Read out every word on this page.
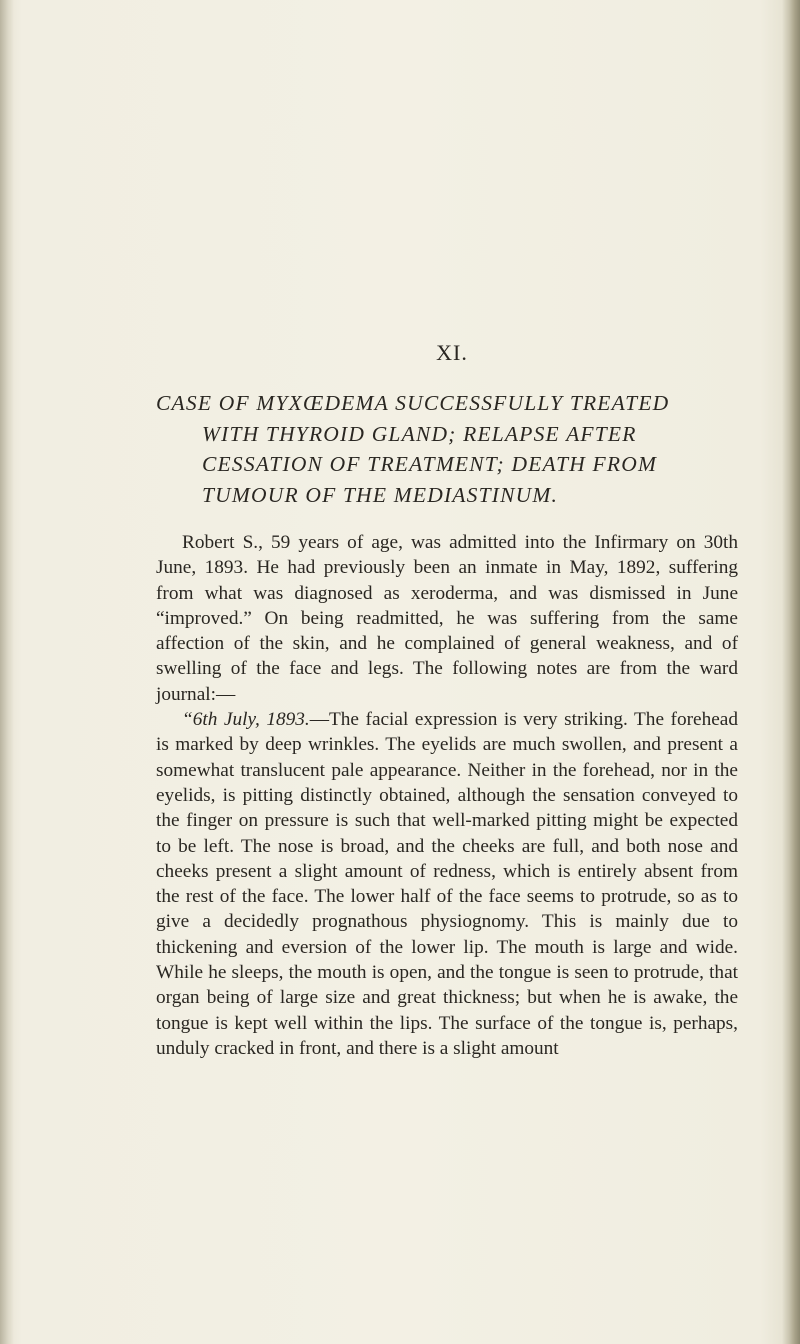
XI.
CASE OF MYXŒDEMA SUCCESSFULLY TREATED
WITH THYROID GLAND; RELAPSE AFTER
CESSATION OF TREATMENT; DEATH FROM
TUMOUR OF THE MEDIASTINUM.
Robert S., 59 years of age, was admitted into the Infirmary on 30th June, 1893. He had previously been an inmate in May, 1892, suffering from what was diagnosed as xeroderma, and was dismissed in June “improved.” On being readmitted, he was suffering from the same affection of the skin, and he complained of general weakness, and of swelling of the face and legs. The following notes are from the ward journal:—
“6th July, 1893.—The facial expression is very striking. The forehead is marked by deep wrinkles. The eyelids are much swollen, and present a somewhat translucent pale appearance. Neither in the forehead, nor in the eyelids, is pitting distinctly obtained, although the sensation conveyed to the finger on pressure is such that well-marked pitting might be expected to be left. The nose is broad, and the cheeks are full, and both nose and cheeks present a slight amount of redness, which is entirely absent from the rest of the face. The lower half of the face seems to protrude, so as to give a decidedly prognathous physiognomy. This is mainly due to thickening and eversion of the lower lip. The mouth is large and wide. While he sleeps, the mouth is open, and the tongue is seen to protrude, that organ being of large size and great thickness; but when he is awake, the tongue is kept well within the lips. The surface of the tongue is, perhaps, unduly cracked in front, and there is a slight amount
